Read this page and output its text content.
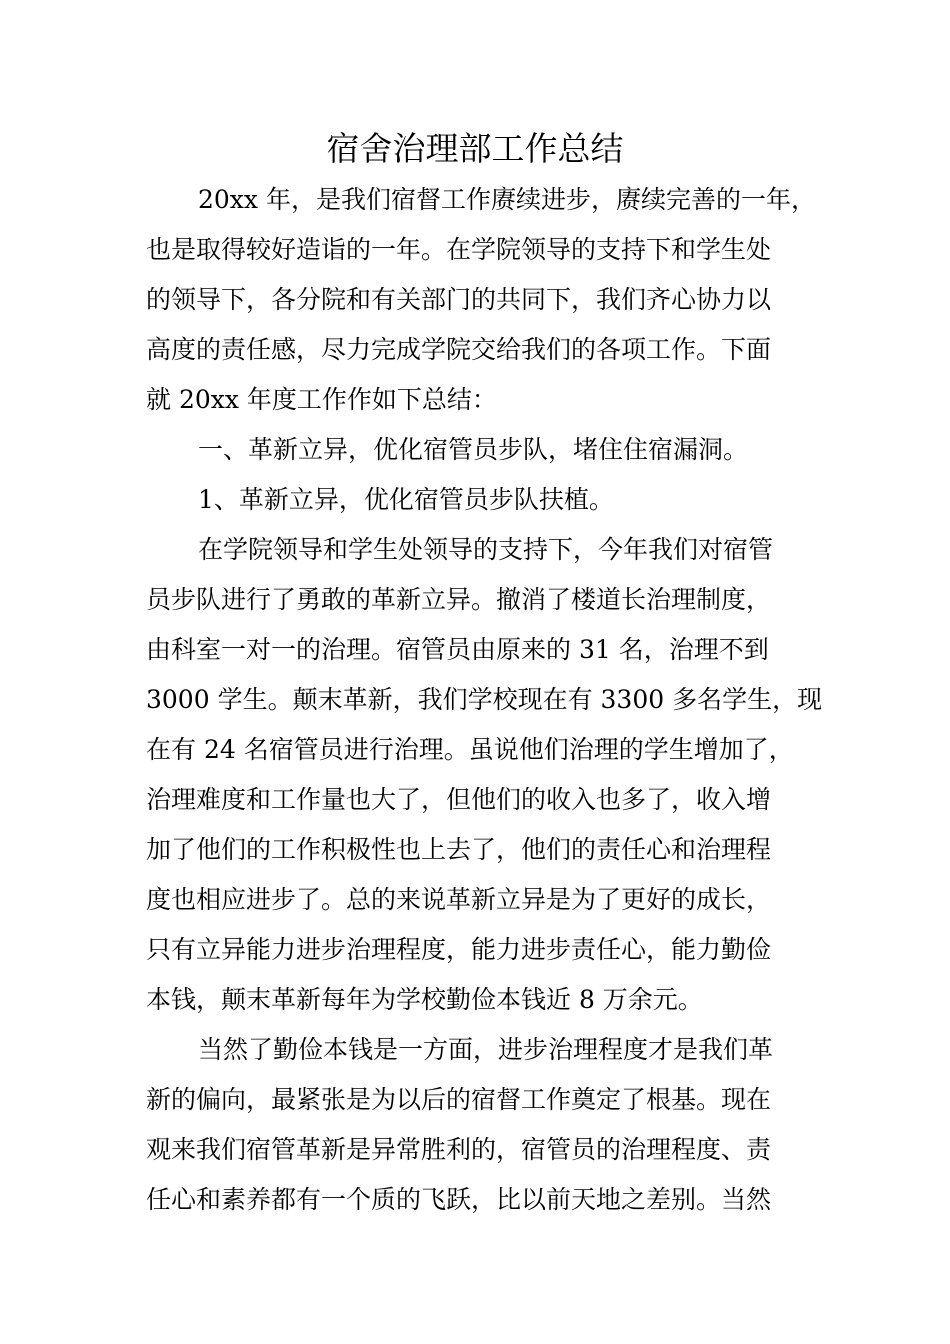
宿舍治理部工作总结

20xx 年，是我们宿督工作赓续进步，赓续完善的一年，

也是取得较好造诣的一年。在学院领导的支持下和学生处

的领导下，各分院和有关部门的共同下，我们齐心协力以

高度的责任感，尽力完成学院交给我们的各项工作。下面

就 20xx 年度工作作如下总结：

一、革新立异，优化宿管员步队，堵住住宿漏洞。

1、革新立异，优化宿管员步队扶植。

在学院领导和学生处领导的支持下，今年我们对宿管

员步队进行了勇敢的革新立异。撤消了楼道长治理制度，

由科室一对一的治理。宿管员由原来的 31 名，治理不到

3000 学生。颠末革新，我们学校现在有 3300 多名学生，现

在有 24 名宿管员进行治理。虽说他们治理的学生增加了，

治理难度和工作量也大了，但他们的收入也多了，收入增

加了他们的工作积极性也上去了，他们的责任心和治理程

度也相应进步了。总的来说革新立异是为了更好的成长，

只有立异能力进步治理程度，能力进步责任心，能力勤俭

本钱，颠末革新每年为学校勤俭本钱近 8 万余元。

当然了勤俭本钱是一方面，进步治理程度才是我们革

新的偏向，最紧张是为以后的宿督工作奠定了根基。现在

观来我们宿管革新是异常胜利的，宿管员的治理程度、责

任心和素养都有一个质的飞跃，比以前天地之差别。当然
